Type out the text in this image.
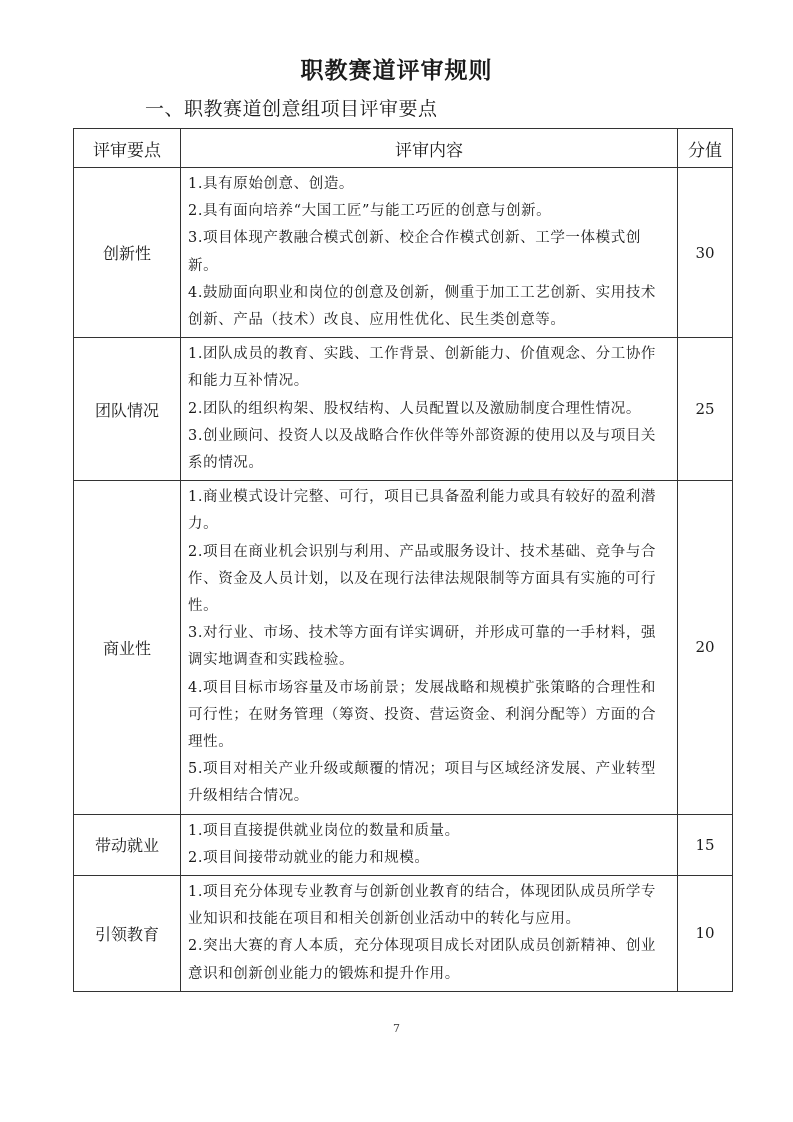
职教赛道评审规则
一、职教赛道创意组项目评审要点
评审要点	评审内容	分值
创新性	1.具有原始创意、创造。

2.具有面向培养“大国工匠”与能工巧匠的创意与创新。

3.项目体现产教融合模式创新、校企合作模式创新、工学一体模式创新。

4.鼓励面向职业和岗位的创意及创新，侧重于加工工艺创新、实用技术创新、产品（技术）改良、应用性优化、民生类创意等。	30
团队情况	1.团队成员的教育、实践、工作背景、创新能力、价值观念、分工协作和能力互补情况。

2.团队的组织构架、股权结构、人员配置以及激励制度合理性情况。

3.创业顾问、投资人以及战略合作伙伴等外部资源的使用以及与项目关系的情况。	25
商业性	1.商业模式设计完整、可行，项目已具备盈利能力或具有较好的盈利潜力。

2.项目在商业机会识别与利用、产品或服务设计、技术基础、竞争与合作、资金及人员计划，以及在现行法律法规限制等方面具有实施的可行性。

3.对行业、市场、技术等方面有详实调研，并形成可靠的一手材料，强调实地调查和实践检验。

4.项目目标市场容量及市场前景；发展战略和规模扩张策略的合理性和可行性；在财务管理（筹资、投资、营运资金、利润分配等）方面的合理性。

5.项目对相关产业升级或颠覆的情况；项目与区域经济发展、产业转型升级相结合情况。	20
带动就业	1.项目直接提供就业岗位的数量和质量。

2.项目间接带动就业的能力和规模。	15
引领教育	1.项目充分体现专业教育与创新创业教育的结合，体现团队成员所学专业知识和技能在项目和相关创新创业活动中的转化与应用。

2.突出大赛的育人本质，充分体现项目成长对团队成员创新精神、创业意识和创新创业能力的锻炼和提升作用。	10
7
